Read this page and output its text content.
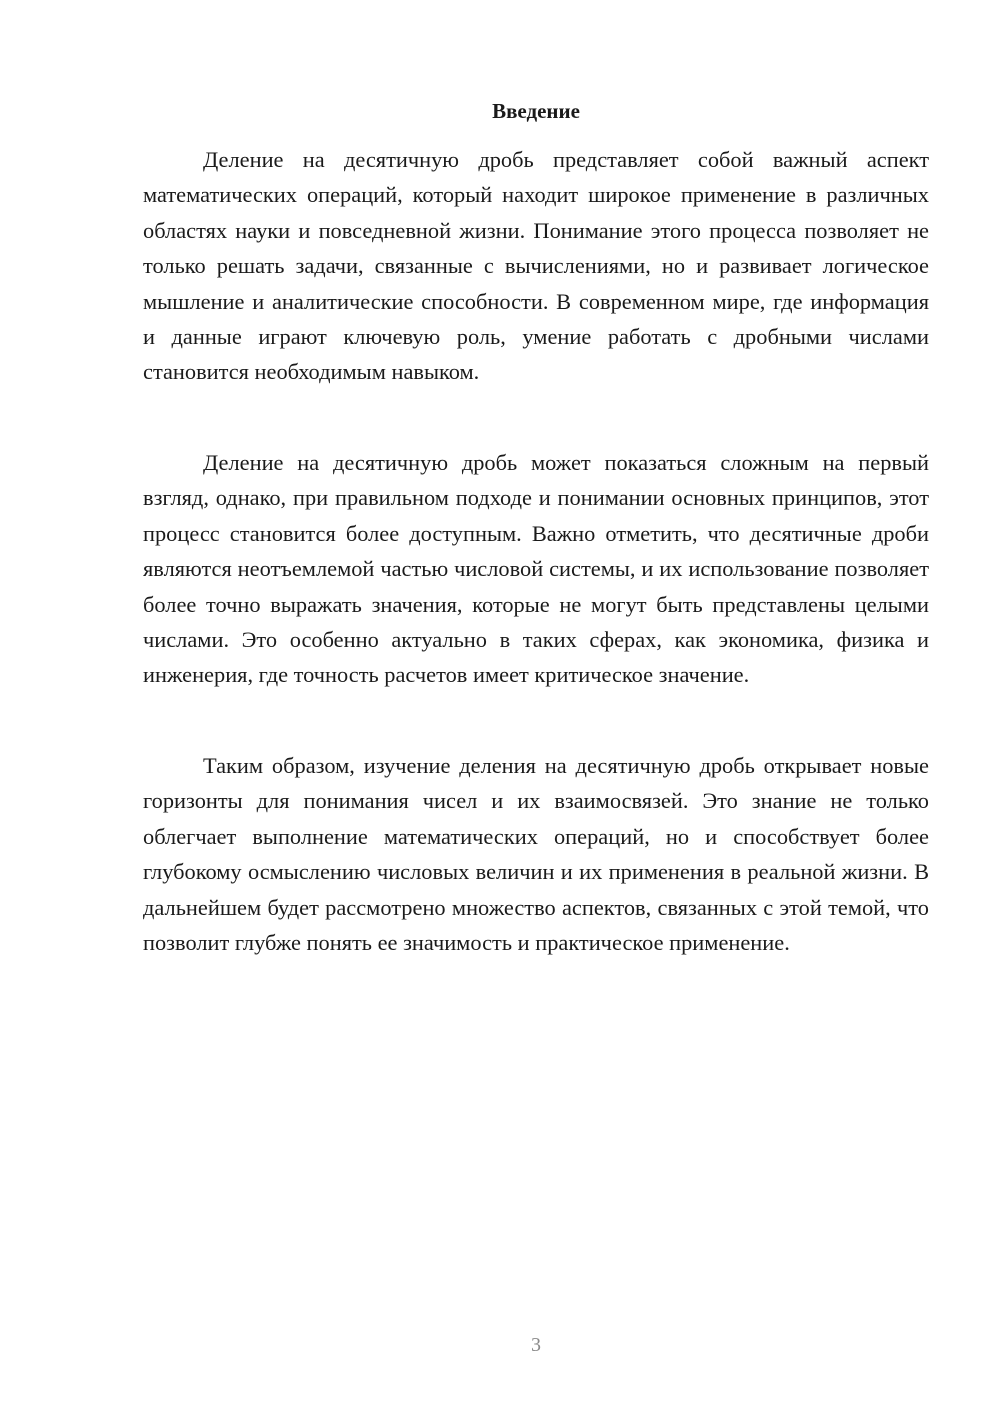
Введение

Деление на десятичную дробь представляет собой важный аспект математических операций, который находит широкое применение в различных областях науки и повседневной жизни. Понимание этого процесса позволяет не только решать задачи, связанные с вычислениями, но и развивает логическое мышление и аналитические способности. В современном мире, где информация и данные играют ключевую роль, умение работать с дробными числами становится необходимым навыком.

Деление на десятичную дробь может показаться сложным на первый взгляд, однако, при правильном подходе и понимании основных принципов, этот процесс становится более доступным. Важно отметить, что десятичные дроби являются неотъемлемой частью числовой системы, и их использование позволяет более точно выражать значения, которые не могут быть представлены целыми числами. Это особенно актуально в таких сферах, как экономика, физика и инженерия, где точность расчетов имеет критическое значение.

Таким образом, изучение деления на десятичную дробь открывает новые горизонты для понимания чисел и их взаимосвязей. Это знание не только облегчает выполнение математических операций, но и способствует более глубокому осмыслению числовых величин и их применения в реальной жизни. В дальнейшем будет рассмотрено множество аспектов, связанных с этой темой, что позволит глубже понять ее значимость и практическое применение.

3
